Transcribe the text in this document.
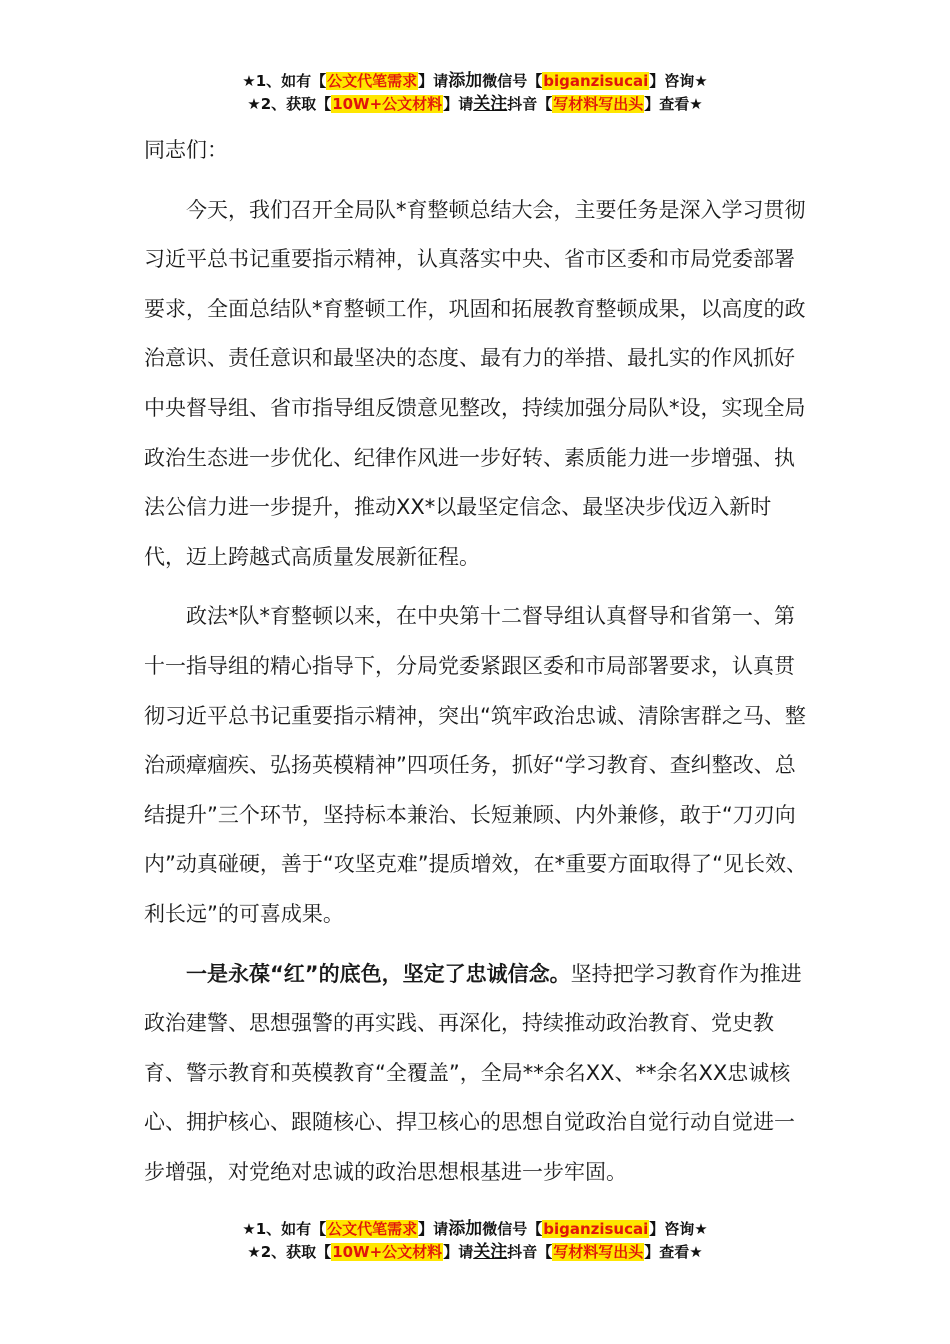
★1、如有【公文代笔需求】请添加微信号【biganzisucai】咨询★
★2、获取【10W+公文材料】请关注抖音【写材料写出头】查看★

同志们：

今天，我们召开全局队*育整顿总结大会，主要任务是深入学习贯彻习近平总书记重要指示精神，认真落实中央、省市区委和市局党委部署要求，全面总结队*育整顿工作，巩固和拓展教育整顿成果，以高度的政治意识、责任意识和最坚决的态度、最有力的举措、最扎实的作风抓好中央督导组、省市指导组反馈意见整改，持续加强分局队*设，实现全局政治生态进一步优化、纪律作风进一步好转、素质能力进一步增强、执法公信力进一步提升，推动XX*以最坚定信念、最坚决步伐迈入新时代，迈上跨越式高质量发展新征程。

政法*队*育整顿以来，在中央第十二督导组认真督导和省第一、第十一指导组的精心指导下，分局党委紧跟区委和市局部署要求，认真贯彻习近平总书记重要指示精神，突出“筑牢政治忠诚、清除害群之马、整治顽瘴痼疾、弘扬英模精神”四项任务，抓好“学习教育、查纠整改、总结提升”三个环节，坚持标本兼治、长短兼顾、内外兼修，敢于“刀刃向内”动真碰硬，善于“攻坚克难”提质增效，在*重要方面取得了“见长效、利长远”的可喜成果。

一是永葆“红”的底色，坚定了忠诚信念。坚持把学习教育作为推进政治建警、思想强警的再实践、再深化，持续推动政治教育、党史教育、警示教育和英模教育“全覆盖”，全局**余名XX、**余名XX忠诚核心、拥护核心、跟随核心、捍卫核心的思想自觉政治自觉行动自觉进一步增强，对党绝对忠诚的政治思想根基进一步牢固。

★1、如有【公文代笔需求】请添加微信号【biganzisucai】咨询★
★2、获取【10W+公文材料】请关注抖音【写材料写出头】查看★
